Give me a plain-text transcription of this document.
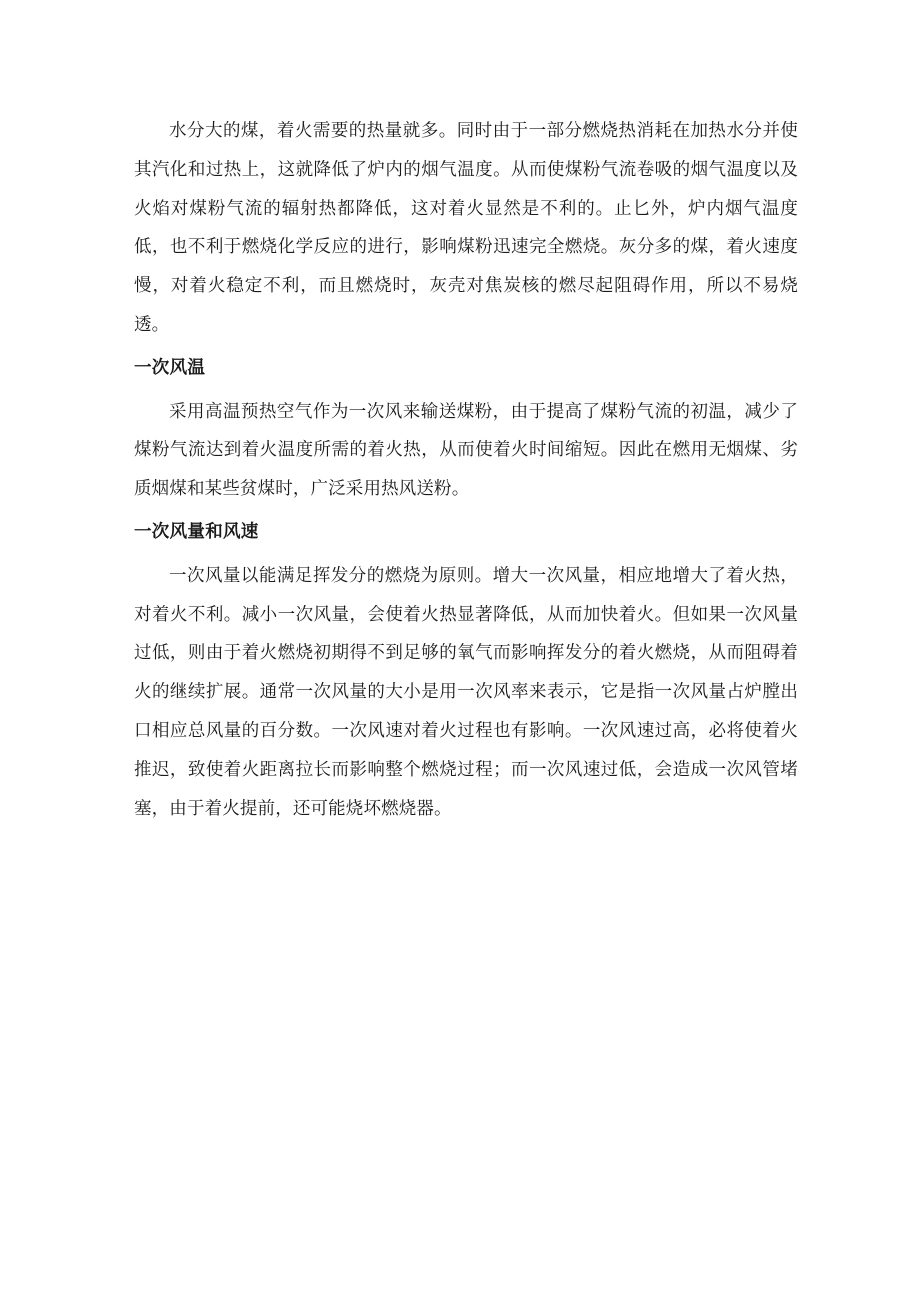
水分大的煤，着火需要的热量就多。同时由于一部分燃烧热消耗在加热水分并使其汽化和过热上，这就降低了炉内的烟气温度。从而使煤粉气流卷吸的烟气温度以及火焰对煤粉气流的辐射热都降低，这对着火显然是不利的。止匕外，炉内烟气温度低，也不利于燃烧化学反应的进行，影响煤粉迅速完全燃烧。灰分多的煤，着火速度慢，对着火稳定不利，而且燃烧时，灰壳对焦炭核的燃尽起阻碍作用，所以不易烧透。

一次风温

采用高温预热空气作为一次风来输送煤粉，由于提高了煤粉气流的初温，减少了煤粉气流达到着火温度所需的着火热，从而使着火时间缩短。因此在燃用无烟煤、劣质烟煤和某些贫煤时，广泛采用热风送粉。

一次风量和风速

一次风量以能满足挥发分的燃烧为原则。增大一次风量，相应地增大了着火热，对着火不利。减小一次风量，会使着火热显著降低，从而加快着火。但如果一次风量过低，则由于着火燃烧初期得不到足够的氧气而影响挥发分的着火燃烧，从而阻碍着火的继续扩展。通常一次风量的大小是用一次风率来表示，它是指一次风量占炉膛出口相应总风量的百分数。一次风速对着火过程也有影响。一次风速过高，必将使着火推迟，致使着火距离拉长而影响整个燃烧过程；而一次风速过低，会造成一次风管堵塞，由于着火提前，还可能烧坏燃烧器。
